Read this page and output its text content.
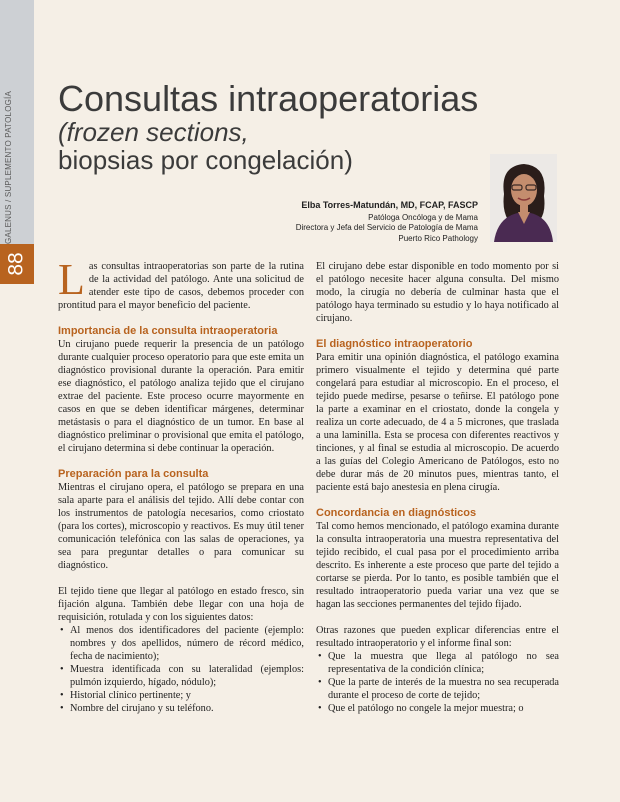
GALENUS / SUPLEMENTO PATOLOGÍA
88
Consultas intraoperatorias
(frozen sections,
biopsias por congelación)
Elba Torres-Matundán, MD, FCAP, FASCP
Patóloga Oncóloga y de Mama
Directora y Jefa del Servicio de Patología de Mama
Puerto Rico Pathology

Las consultas intraoperatorias son parte de la rutina de la actividad del patólogo. Ante una solicitud de atender este tipo de casos, debemos proceder con prontitud para el mayor beneficio del paciente.

Importancia de la consulta intraoperatoria

Un cirujano puede requerir la presencia de un patólogo durante cualquier proceso operatorio para que este emita un diagnóstico provisional durante la operación. Para emitir ese diagnóstico, el patólogo analiza tejido que el cirujano extrae del paciente. Este proceso ocurre mayormente en casos en que se deben identificar márgenes, determinar metástasis o para el diagnóstico de un tumor. En base al diagnóstico preliminar o provisional que emita el patólogo, el cirujano determina si debe continuar la operación.

Preparación para la consulta

Mientras el cirujano opera, el patólogo se prepara en una sala aparte para el análisis del tejido. Allí debe contar con los instrumentos de patología necesarios, como criostato (para los cortes), microscopio y reactivos. Es muy útil tener comunicación telefónica con las salas de operaciones, ya sea para preguntar detalles o para comunicar su diagnóstico.

El tejido tiene que llegar al patólogo en estado fresco, sin fijación alguna. También debe llegar con una hoja de requisición, rotulada y con los siguientes datos:

• Al menos dos identificadores del paciente (ejemplo: nombres y dos apellidos, número de récord médico, fecha de nacimiento);
• Muestra identificada con su lateralidad (ejemplos: pulmón izquierdo, hígado, nódulo);
• Historial clínico pertinente; y
• Nombre del cirujano y su teléfono.

El cirujano debe estar disponible en todo momento por si el patólogo necesite hacer alguna consulta. Del mismo modo, la cirugía no debería de culminar hasta que el patólogo haya terminado su estudio y lo haya notificado al cirujano.

El diagnóstico intraoperatorio

Para emitir una opinión diagnóstica, el patólogo examina primero visualmente el tejido y determina qué parte congelará para estudiar al microscopio. En el proceso, el tejido puede medirse, pesarse o teñirse. El patólogo pone la parte a examinar en el criostato, donde la congela y realiza un corte adecuado, de 4 a 5 micrones, que traslada a una laminilla. Esta se procesa con diferentes reactivos y tinciones, y al final se estudia al microscopio. De acuerdo a las guías del Colegio Americano de Patólogos, esto no debe durar más de 20 minutos pues, mientras tanto, el paciente está bajo anestesia en plena cirugía.

Concordancia en diagnósticos

Tal como hemos mencionado, el patólogo examina durante la consulta intraoperatoria una muestra representativa del tejido recibido, el cual pasa por el procedimiento arriba descrito. Es inherente a este proceso que parte del tejido a cortarse se pierda. Por lo tanto, es posible también que el resultado intraoperatorio pueda variar una vez que se hagan las secciones permanentes del tejido fijado.

Otras razones que pueden explicar diferencias entre el resultado intraoperatorio y el informe final son:

• Que la muestra que llega al patólogo no sea representativa de la condición clínica;
• Que la parte de interés de la muestra no sea recuperada durante el proceso de corte de tejido;
• Que el patólogo no congele la mejor muestra; o
